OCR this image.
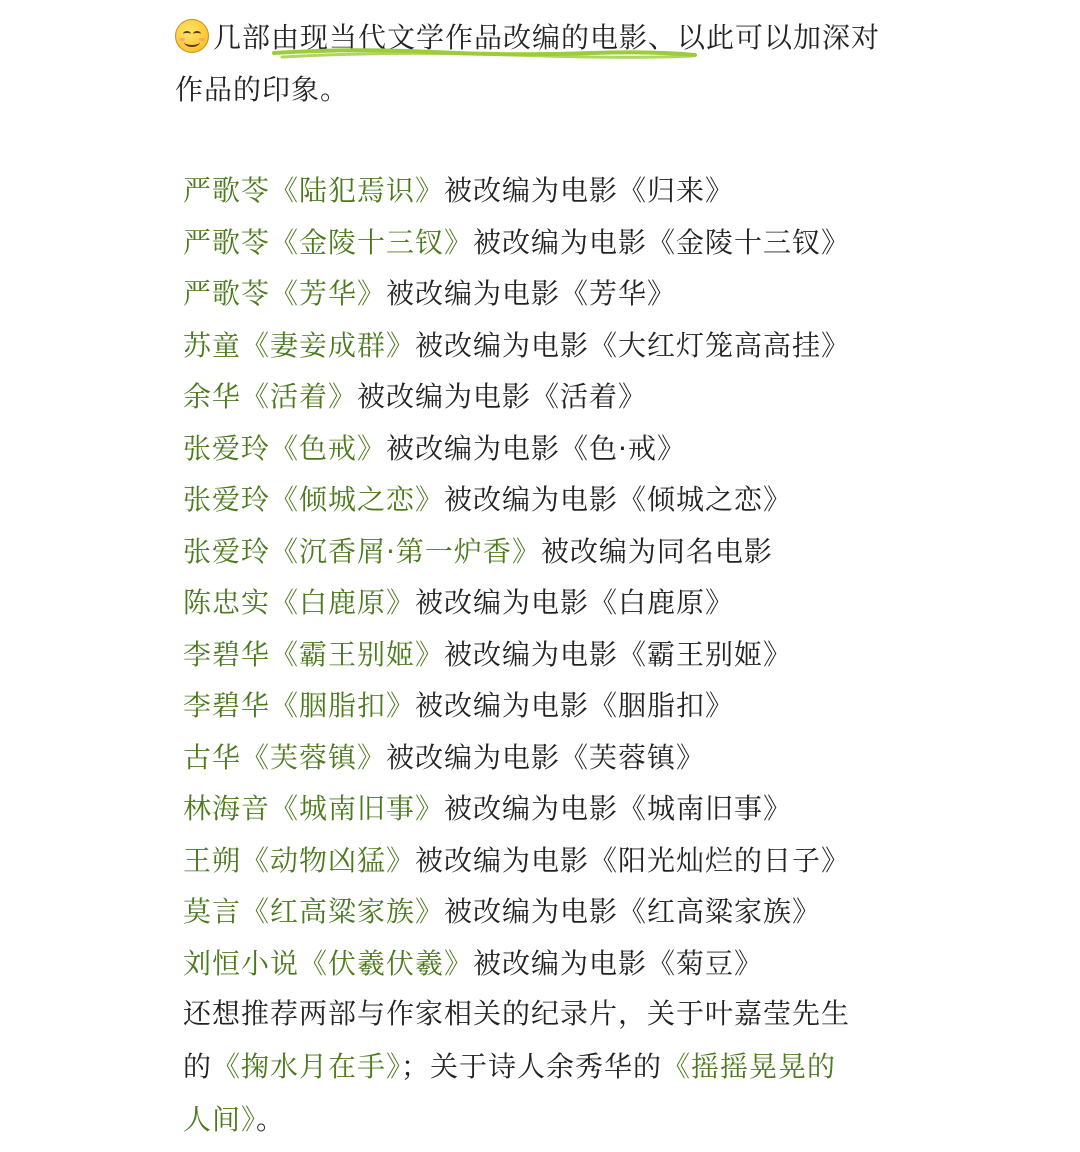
几部由现当代文学作品改编的电影、以此可以加深对作品的印象。
严歌苓《陆犯焉识》被改编为电影《归来》
严歌苓《金陵十三钗》被改编为电影《金陵十三钗》
严歌苓《芳华》被改编为电影《芳华》
苏童《妻妾成群》被改编为电影《大红灯笼高高挂》
余华《活着》被改编为电影《活着》
张爱玲《色戒》被改编为电影《色·戒》
张爱玲《倾城之恋》被改编为电影《倾城之恋》
张爱玲《沉香屑·第一炉香》被改编为同名电影
陈忠实《白鹿原》被改编为电影《白鹿原》
李碧华《霸王别姬》被改编为电影《霸王别姬》
李碧华《胭脂扣》被改编为电影《胭脂扣》
古华《芙蓉镇》被改编为电影《芙蓉镇》
林海音《城南旧事》被改编为电影《城南旧事》
王朔《动物凶猛》被改编为电影《阳光灿烂的日子》
莫言《红高粱家族》被改编为电影《红高粱家族》
刘恒小说《伏羲伏羲》被改编为电影《菊豆》
还想推荐两部与作家相关的纪录片，关于叶嘉莹先生
的《掬水月在手》；关于诗人余秀华的《摇摇晃晃的
人间》。
